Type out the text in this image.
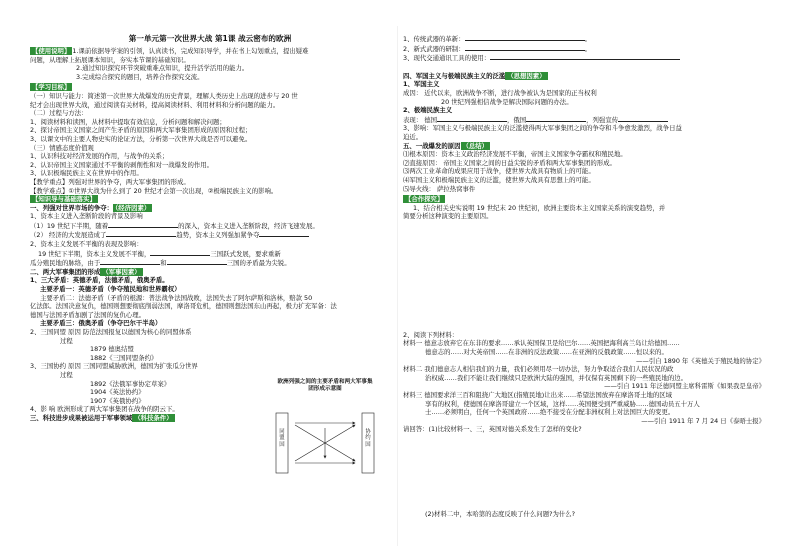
第一单元第一次世界大战 第1课 战云密布的欧洲
【使用说明】 1.课前依据导学案的引领，认真读书，完成知识导学，并在书上勾划重点，提出疑难
问题，从理解上拓展课本知识，夯实本节课的基础知识。
2.通过知识探究环节突破重难点知识，提升活学活用的能力。
3.完成综合探究的题目，培养合作探究交流。
【学习目标】
（一）知识与能力：简述第一次世界大战爆发的历史背景，理解人类历史上出现的进步与 20 世
纪才会出现世界大战，通过阅读有关材料，提高阅读材料、利用材料和分析问题的能力。
（二）过程与方法：
1、阅读材料和读图，从材料中提取有效信息，分析问题和解决问题；
2、探讨帝国主义国家之间产生矛盾的原因和两大军事集团形成的原因和过程；
3、以课文中的主要人物史实的论证方法，分析第一次世界大战是否可以避免。
（三）情感态度价值观
1、认识科技对经济发展的作用，与战争的关系；
2、认识帝国主义国家通过不平衡的剥削性和对一战爆发的作用。
3、认识极端民族主义在世界中的作用。
【教学重点】列强对世界的争夺，两大军事集团的形成。
【教学难点】①世界大战为什么到了 20 世纪才会第一次出现，②极端民族主义的影响。
【知识导与基础落实】
一、列强对世界市场的争夺： （经济因素）
1、资本主义进入垄断阶段的背景及影响
（1）19 世纪下半期，随着	的深入，资本主义进入垄断阶段，经济飞速发展。
（2） 经济的大发展造成了	趋势，资本主义列强加紧争夺
2、资本主义发展不平衡的表现及影响：
19 世纪下半期，资本主义发展不平衡，	三国跃式发展，要求重新
瓜分殖民地的脉络，由于	和	三国的矛盾最为尖锐。
二、两大军事集团的形成 （军事因素）
1、三大矛盾：英德矛盾，法德矛盾，俄奥矛盾。
主要矛盾一：英德矛盾（争夺殖民地和世界霸权）
主要矛盾二：法德矛盾（矛盾的根源：普法战争法国战败，法国失去了阿尔萨斯和洛林，赔款 50
亿法郎。法国决意复仇，德国则想要彻底削弱法国，摩洛哥危机，德国则想法国东山再起，极力扩充军备：法
德国与法国矛盾加剧了法国的复仇心理。
主要矛盾三：俄奥矛盾（争夺巴尔干半岛）
2、三国同盟 原因 防范法国报复以德国为核心的同盟体系
过程
1879 德奥结盟
1882《三国同盟条约》
3、三国协约 原因 三国同盟威胁欧洲，德国为扩张瓜分世界
过程
1892《法俄军事协定草案》
1904《英法协约》
1907《英俄协约》
4、影 响 欧洲形成了两大军事集团在战争的阴云下。
三、科技进步成果被运用于军事领域 （科技条件）
欧洲列强之间的主要矛盾和两大军事集
团形成示意图
同盟国
协约国
1、传统武器的革新：	。
2、新式武器的研制：	。
3、现代交通通讯工具的使用：
四、军国主义与极端民族主义的泛滥 （思想因素）
1、军国主义
成因： 近代以来，欧洲战争不断，进行战争被认为是国家的正当权利
20 世纪列强相信战争是解决国际问题的办法。
2、极端民族主义
表现： 德国	，俄国	，列强宣传
3、影响：军国主义与极端民族主义的泛滥使得两大军事集团之间的争夺和斗争愈发激烈，战争日益
迫近。
五、一战爆发的原因 （总结）
⑴根本原因：资本主义政治经济发展不平衡，帝国主义国家争夺霸权和殖民地。
⑵直接原因： 帝国主义国家之间的日益尖锐的矛盾和两大军事集团的形成。
⑶两次工业革命的成果应用于战争，使世界大战具有物质上的可能。
⑷军国主义和极端民族主义的泛滥，使世界大战具有思想上的可能。
⑸导火线： 萨拉热窝事件
【合作探究】
1、结合相关史实说明 19 世纪末 20 世纪初，欧洲主要资本主义国家关系的演变趋势，并
简要分析这种演变的主要原因。
2、阅读下列材料：
材料一 德意志放弃它在东非的要求……承认英国保卫是给巴尔……英国把海利高兰岛让给德国……
德意志的……对大英帝国……在非洲的反法政策……在亚洲的反俄政策……恒以来的。
——引自 1890 年《英德关于殖民地的协定》
材料二 我们德意志人相信我们的力量，我们必须用尽一切办法，努力争取适合我们人民状况的政
治权威……我们不能让我们继续只是欧洲大陆的强国，并仅保有英国剩下的一些殖民地的边。
——引自 1911 年泛德同盟主席科雷斯《如果我是皇帝》
材料三 德国要求洋三百和阻挠广大地区(指殖民地)让出来……希望法国放弃在摩洛哥土地的区域
享有的权利，使德国在摩洛哥建立一个区域，这样……英国便受到严重威胁……德国动员五十万人
士……必须明白，任何一个英国政府……绝不接受在分配非洲权利上对法国巨大的变更。
——引自 1911 年 7 月 24 日《泰晤士报》
请回答：(1)比较材料一、三，英国对德关系发生了怎样的变化?
(2)材料二中，本哈第的态度反映了什么问题?为什么?
